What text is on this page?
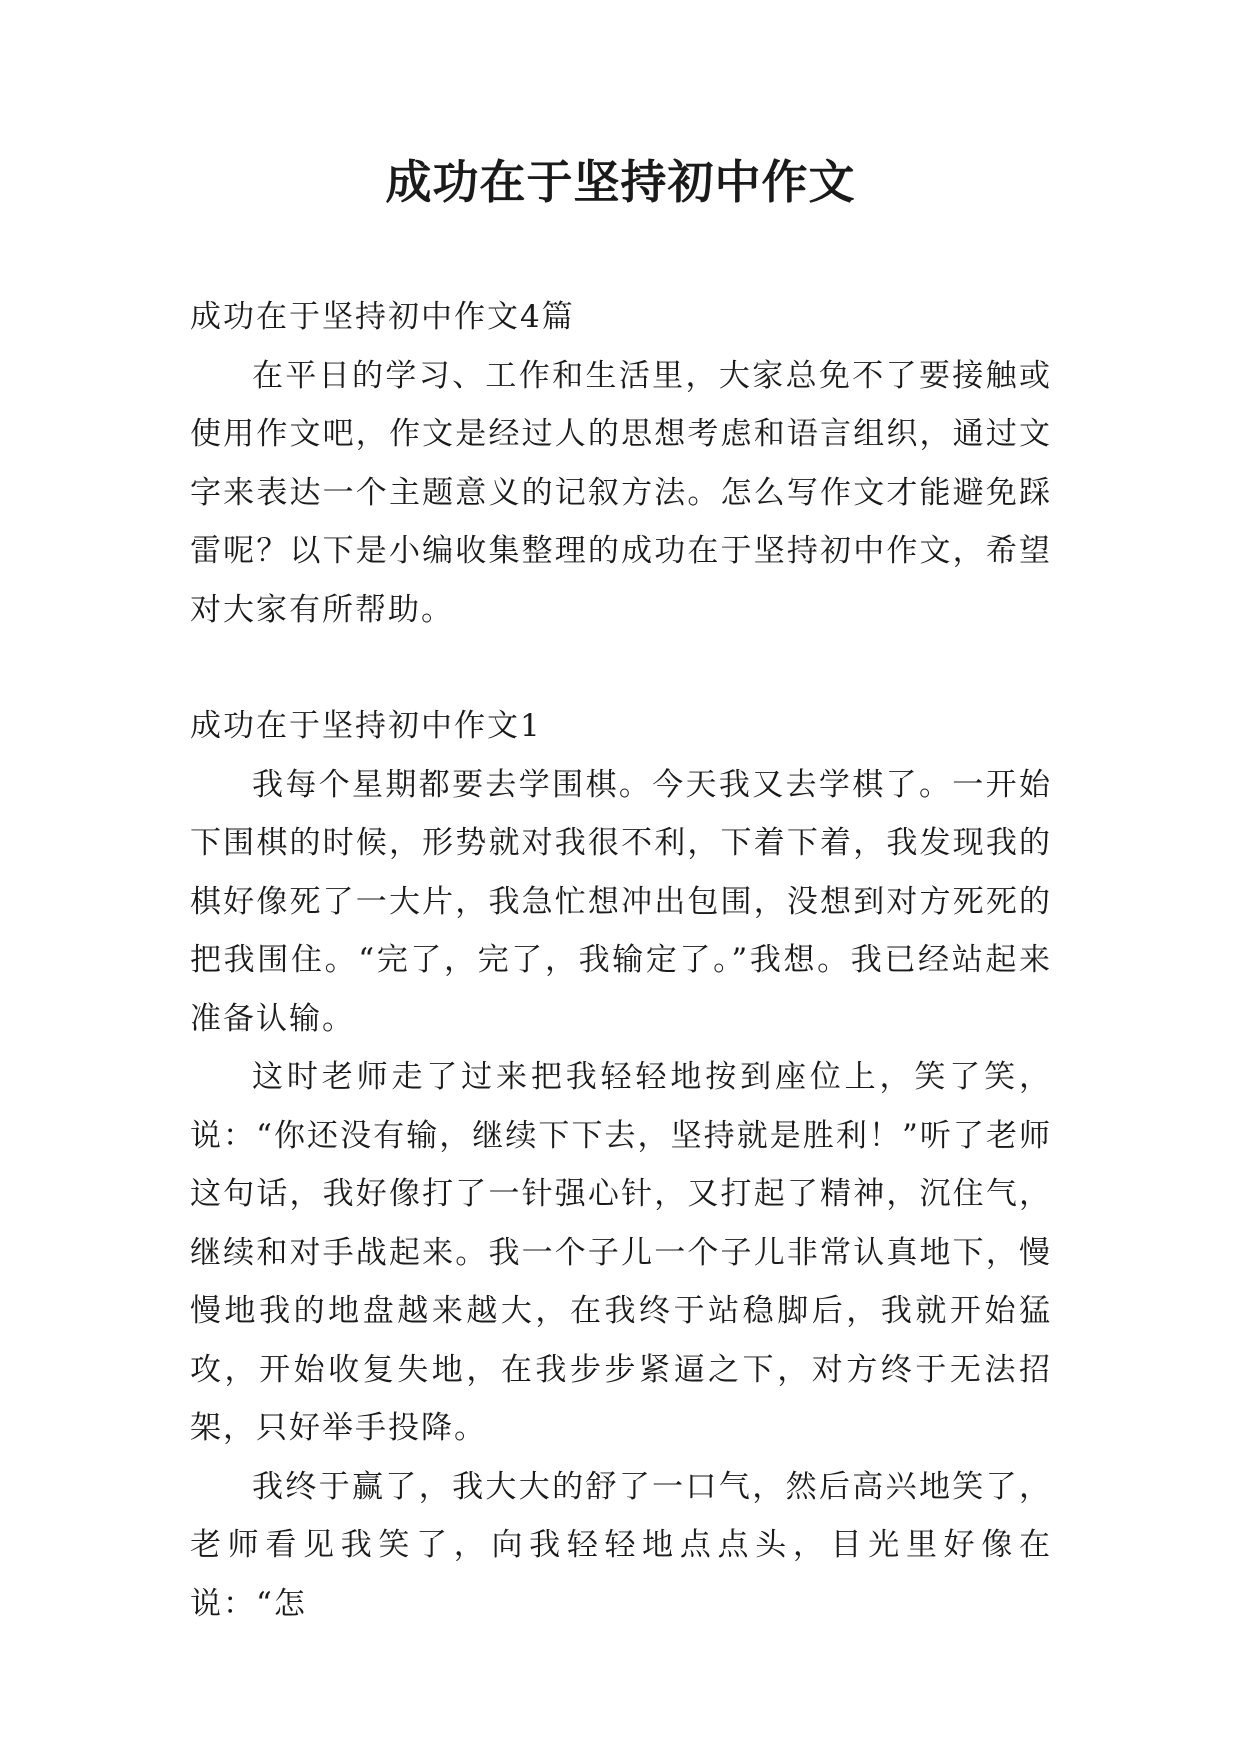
成功在于坚持初中作文

成功在于坚持初中作文4篇

在平日的学习、工作和生活里，大家总免不了要接触或使用作文吧，作文是经过人的思想考虑和语言组织，通过文字来表达一个主题意义的记叙方法。怎么写作文才能避免踩雷呢？以下是小编收集整理的成功在于坚持初中作文，希望对大家有所帮助。

成功在于坚持初中作文1

我每个星期都要去学围棋。今天我又去学棋了。一开始下围棋的时候，形势就对我很不利，下着下着，我发现我的棋好像死了一大片，我急忙想冲出包围，没想到对方死死的把我围住。“完了，完了，我输定了。”我想。我已经站起来准备认输。

这时老师走了过来把我轻轻地按到座位上，笑了笑，说：“你还没有输，继续下下去，坚持就是胜利！”听了老师这句话，我好像打了一针强心针，又打起了精神，沉住气，继续和对手战起来。我一个子儿一个子儿非常认真地下，慢慢地我的地盘越来越大，在我终于站稳脚后，我就开始猛攻，开始收复失地，在我步步紧逼之下，对方终于无法招架，只好举手投降。

我终于赢了，我大大的舒了一口气，然后高兴地笑了，老师看见我笑了，向我轻轻地点点头，目光里好像在说：“怎
